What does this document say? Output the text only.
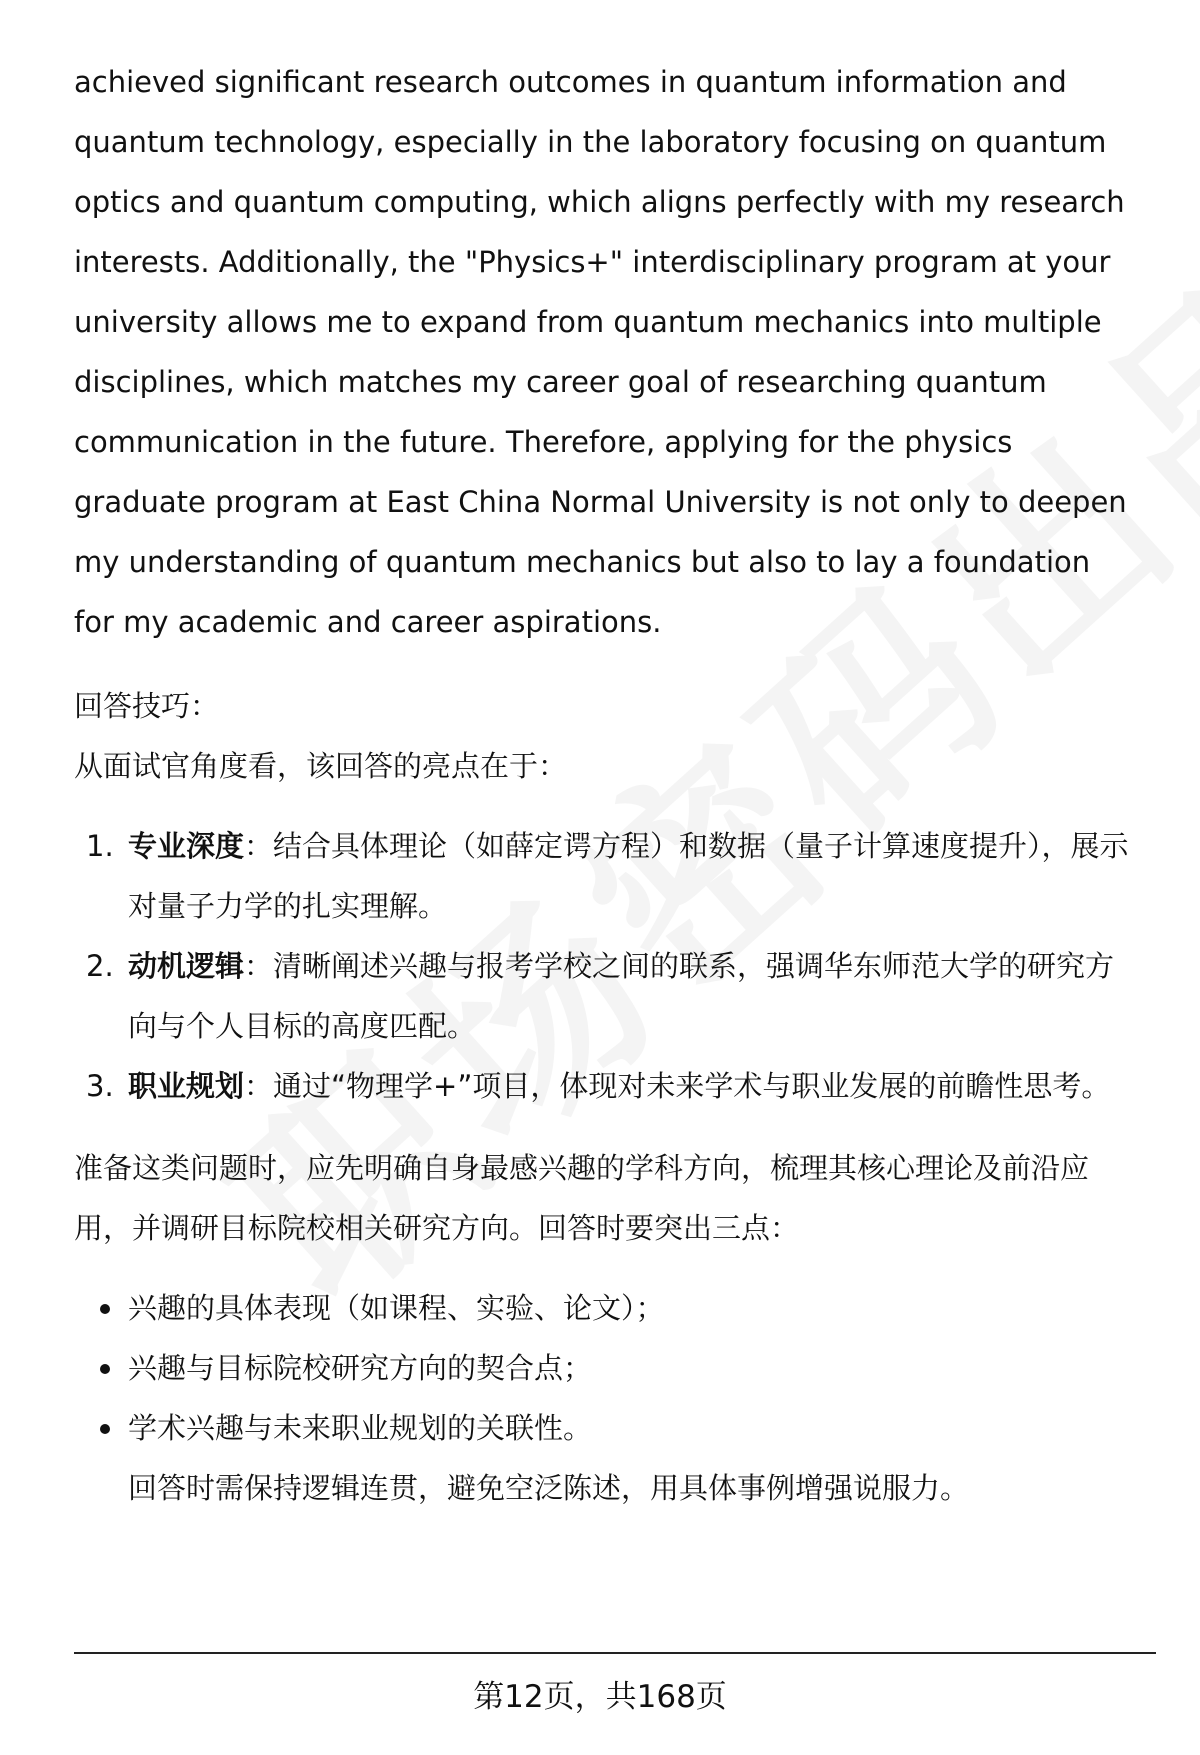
achieved significant research outcomes in quantum information and quantum technology, especially in the laboratory focusing on quantum optics and quantum computing, which aligns perfectly with my research interests. Additionally, the "Physics+" interdisciplinary program at your university allows me to expand from quantum mechanics into multiple disciplines, which matches my career goal of researching quantum communication in the future. Therefore, applying for the physics graduate program at East China Normal University is not only to deepen my understanding of quantum mechanics but also to lay a foundation for my academic and career aspirations.

回答技巧：

从面试官角度看，该回答的亮点在于：

1. 专业深度：结合具体理论（如薛定谔方程）和数据（量子计算速度提升），展示对量子力学的扎实理解。
2. 动机逻辑：清晰阐述兴趣与报考学校之间的联系，强调华东师范大学的研究方向与个人目标的高度匹配。
3. 职业规划：通过“物理学+”项目，体现对未来学术与职业发展的前瞻性思考。

准备这类问题时，应先明确自身最感兴趣的学科方向，梳理其核心理论及前沿应用，并调研目标院校相关研究方向。回答时要突出三点：

兴趣的具体表现（如课程、实验、论文）；
兴趣与目标院校研究方向的契合点；
学术兴趣与未来职业规划的关联性。

回答时需保持逻辑连贯，避免空泛陈述，用具体事例增强说服力。

第12页，共168页
